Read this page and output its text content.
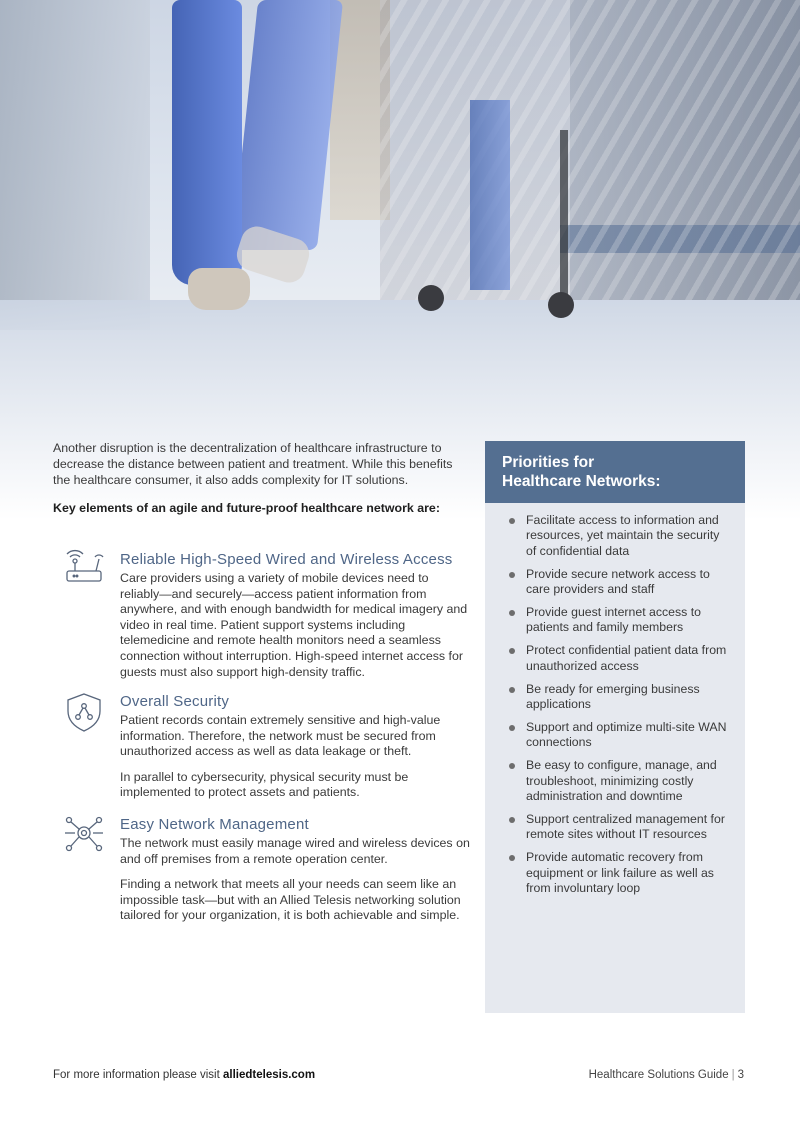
Another disruption is the decentralization of healthcare infrastructure to decrease the distance between patient and treatment. While this benefits the healthcare consumer, it also adds complexity for IT solutions.

Key elements of an agile and future-proof healthcare network are:

Reliable High-Speed Wired and Wireless Access

Care providers using a variety of mobile devices need to reliably—and securely—access patient information from anywhere, and with enough bandwidth for medical imagery and video in real time. Patient support systems including telemedicine and remote health monitors need a seamless connection without interruption. High-speed internet access for guests must also support high-density traffic.

Overall Security

Patient records contain extremely sensitive and high-value information. Therefore, the network must be secured from unauthorized access as well as data leakage or theft.

In parallel to cybersecurity, physical security must be implemented to protect assets and patients.

Easy Network Management

The network must easily manage wired and wireless devices on and off premises from a remote operation center.

Finding a network that meets all your needs can seem like an impossible task—but with an Allied Telesis networking solution tailored for your organization, it is both achievable and simple.

Priorities for
Healthcare Networks:
Facilitate access to information and resources, yet maintain the security of confidential data
Provide secure network access to care providers and staff
Provide guest internet access to patients and family members
Protect confidential patient data from unauthorized access
Be ready for emerging business applications
Support and optimize multi-site WAN connections
Be easy to configure, manage, and troubleshoot, minimizing costly administration and downtime
Support centralized management for remote sites without IT resources
Provide automatic recovery from equipment or link failure as well as from involuntary loop
For more information please visit alliedtelesis.com	Healthcare Solutions Guide | 3
